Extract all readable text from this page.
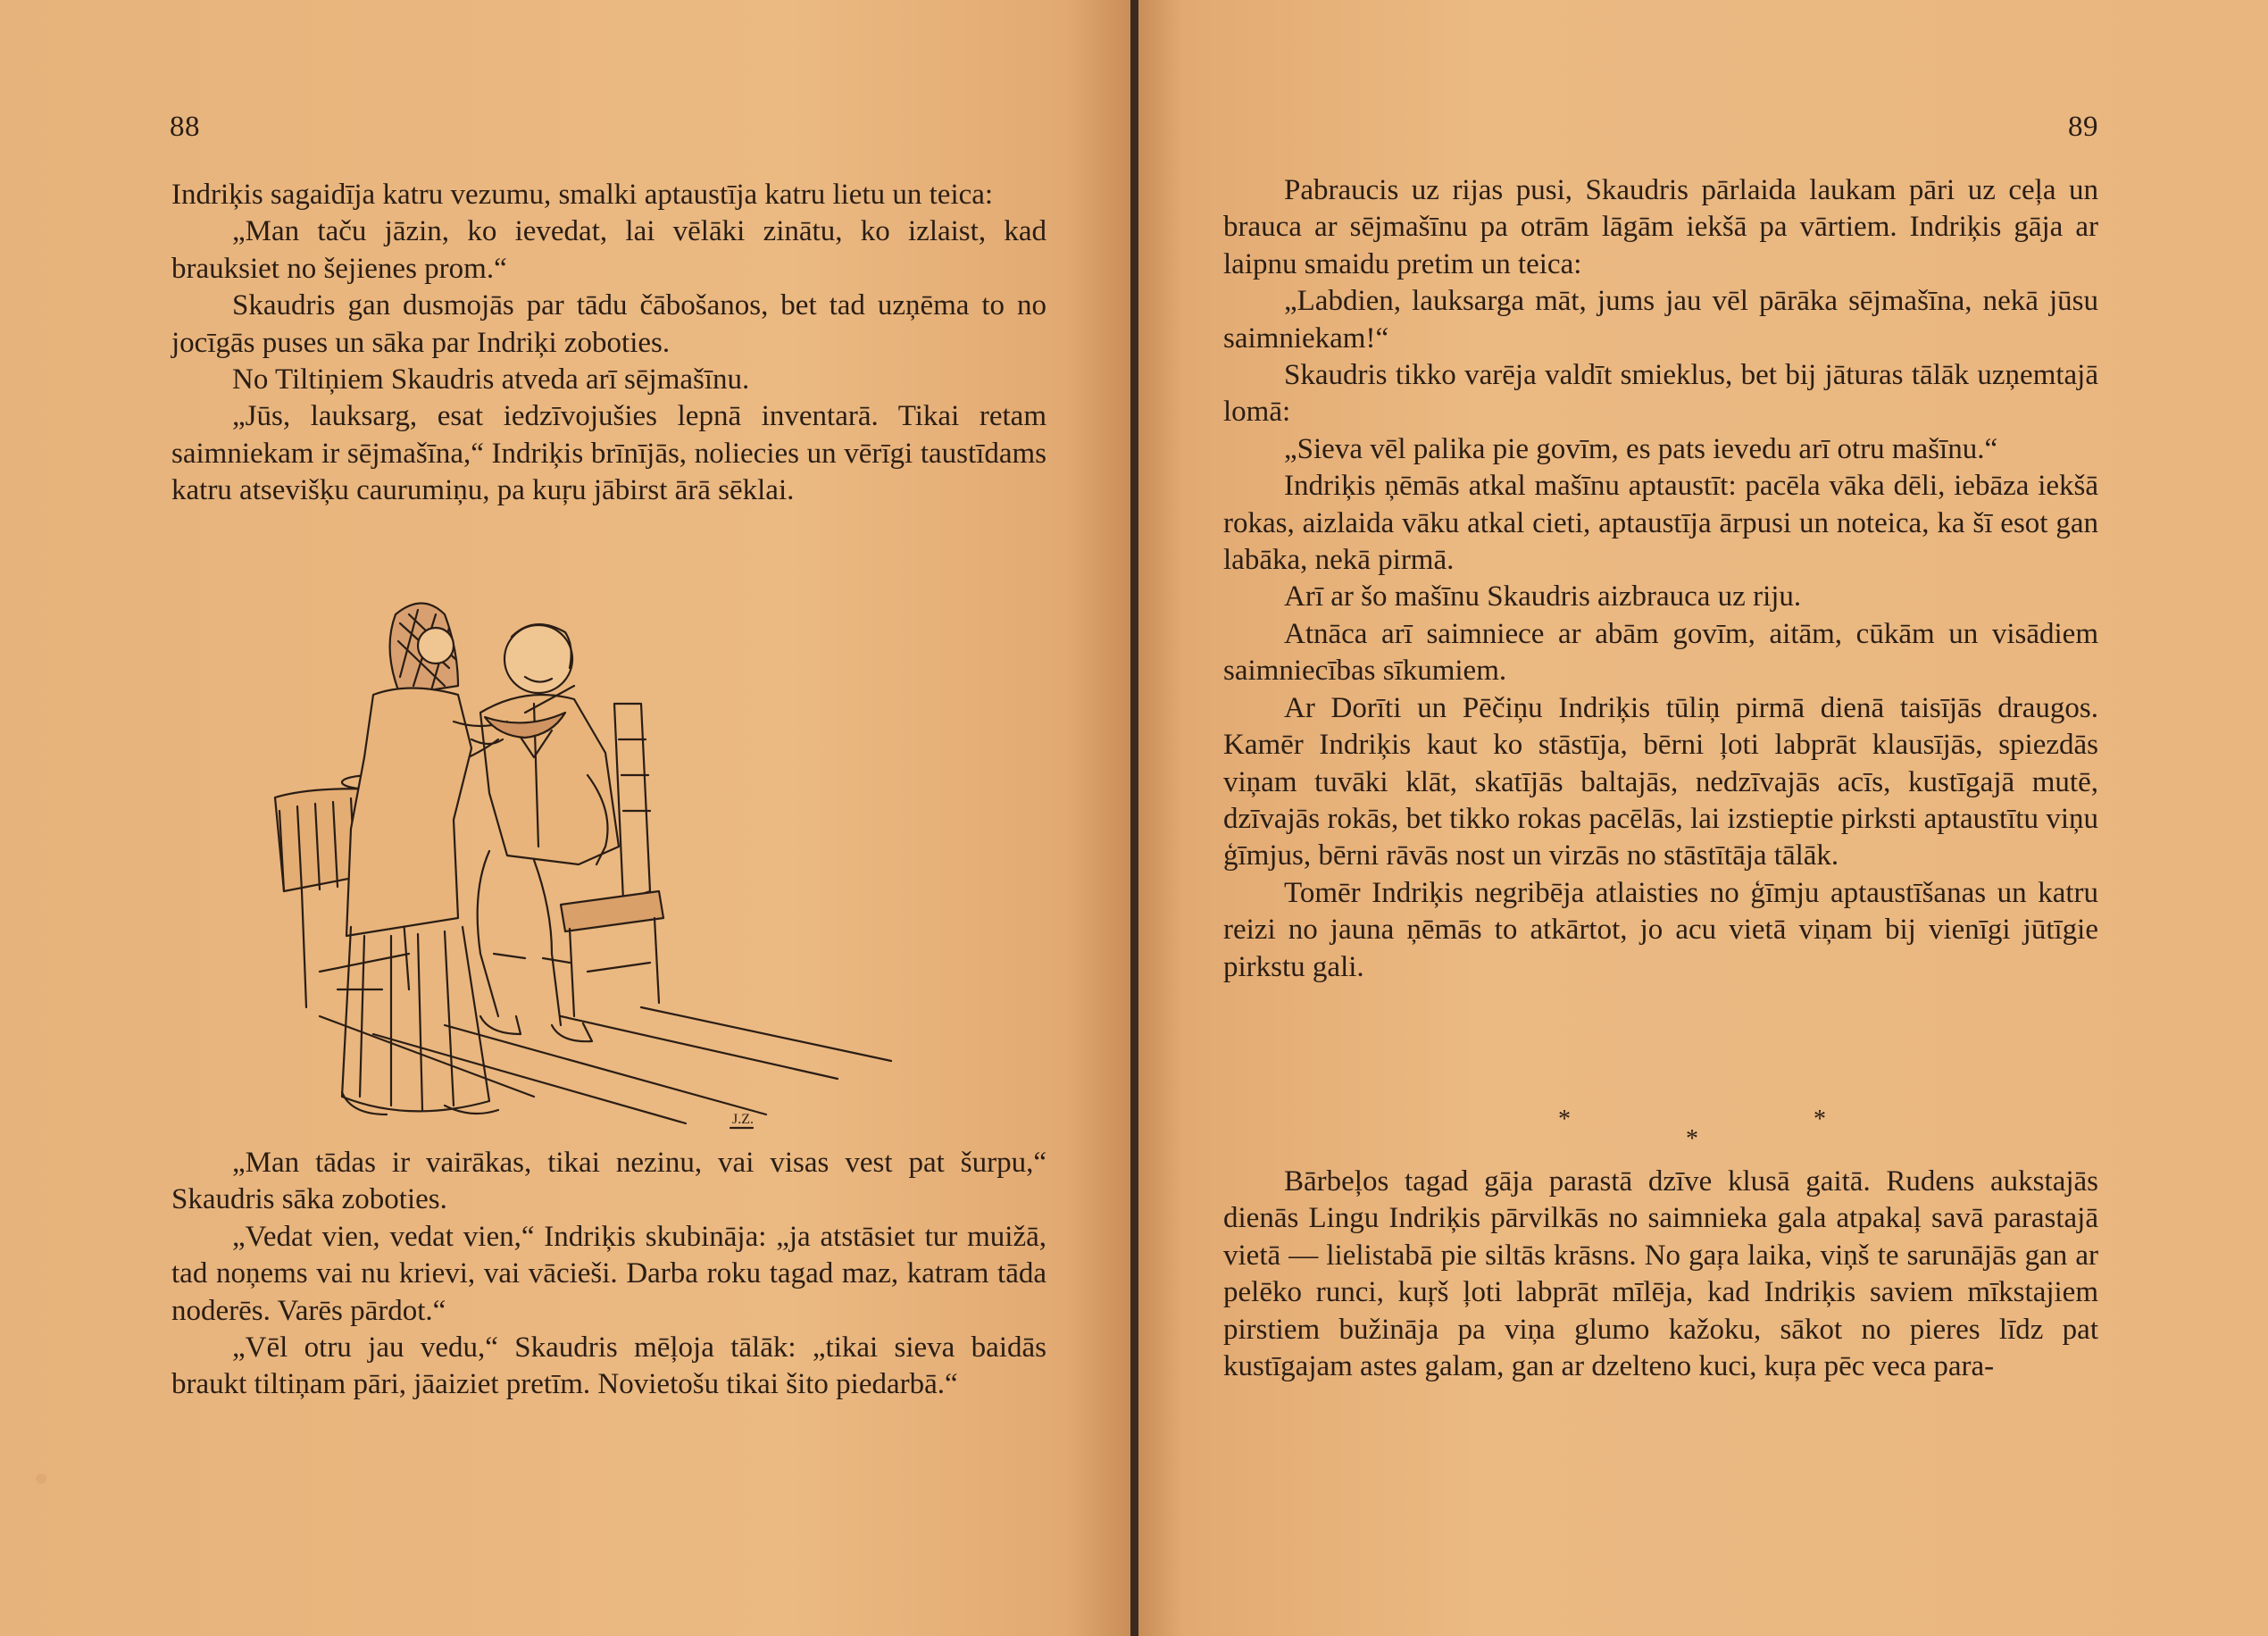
88

Indriķis sagaidīja katru vezumu, smalki aptaustīja katru lietu un teica:

„Man taču jāzin, ko ievedat, lai vēlāki zinātu, ko izlaist, kad brauksiet no šejienes prom.“

Skaudris gan dusmojās par tādu čābošanos, bet tad uzņēma to no jocīgās puses un sāka par Indriķi zoboties.

No Tiltiņiem Skaudris atveda arī sējmašīnu.

„Jūs, lauksarg, esat iedzīvojušies lepnā inventarā. Tikai retam saimniekam ir sējmašīna,“ Indriķis brīnījās, noliecies un vērīgi taustīdams katru atsevišķu caurumiņu, pa kuŗu jābirst ārā sēklai.

J.Z.

„Man tādas ir vairākas, tikai nezinu, vai visas vest pat šurpu,“ Skaudris sāka zoboties.

„Vedat vien, vedat vien,“ Indriķis skubināja: „ja atstāsiet tur muižā, tad noņems vai nu krievi, vai vācieši. Darba roku tagad maz, katram tāda noderēs. Varēs pārdot.“

„Vēl otru jau vedu,“ Skaudris mēļoja tālāk: „tikai sieva baidās braukt tiltiņam pāri, jāaiziet pretīm. Novietošu tikai šito piedarbā.“

89

Pabraucis uz rijas pusi, Skaudris pārlaida laukam pāri uz ceļa un brauca ar sējmašīnu pa otrām lāgām iekšā pa vārtiem. Indriķis gāja ar laipnu smaidu pretim un teica:

„Labdien, lauksarga māt, jums jau vēl pārāka sējmašīna, nekā jūsu saimniekam!“

Skaudris tikko varēja valdīt smieklus, bet bij jāturas tālāk uzņemtajā lomā:

„Sieva vēl palika pie govīm, es pats ievedu arī otru mašīnu.“

Indriķis ņēmās atkal mašīnu aptaustīt: pacēla vāka dēli, iebāza iekšā rokas, aizlaida vāku atkal cieti, aptaustīja ārpusi un noteica, ka šī esot gan labāka, nekā pirmā.

Arī ar šo mašīnu Skaudris aizbrauca uz riju.

Atnāca arī saimniece ar abām govīm, aitām, cūkām un visādiem saimniecības sīkumiem.

Ar Dorīti un Pēčiņu Indriķis tūliņ pirmā dienā taisījās draugos. Kamēr Indriķis kaut ko stāstīja, bērni ļoti labprāt klausījās, spiezdās viņam tuvāki klāt, skatījās baltajās, nedzīvajās acīs, kustīgajā mutē, dzīvajās rokās, bet tikko rokas pacēlās, lai izstieptie pirksti aptaustītu viņu ģīmjus, bērni rāvās nost un virzās no stāstītāja tālāk.

Tomēr Indriķis negribēja atlaisties no ģīmju aptaustīšanas un katru reizi no jauna ņēmās to atkārtot, jo acu vietā viņam bij vienīgi jūtīgie pirkstu gali.

*
*
*

Bārbeļos tagad gāja parastā dzīve klusā gaitā. Rudens aukstajās dienās Lingu Indriķis pārvilkās no saimnieka gala atpakaļ savā parastajā vietā — lielistabā pie siltās krāsns. No gaŗa laika, viņš te sarunājās gan ar pelēko runci, kuŗš ļoti labprāt mīlēja, kad Indriķis saviem mīkstajiem pirstiem bužināja pa viņa glumo kažoku, sākot no pieres līdz pat kustīgajam astes galam, gan ar dzelteno kuci, kuŗa pēc veca para-
